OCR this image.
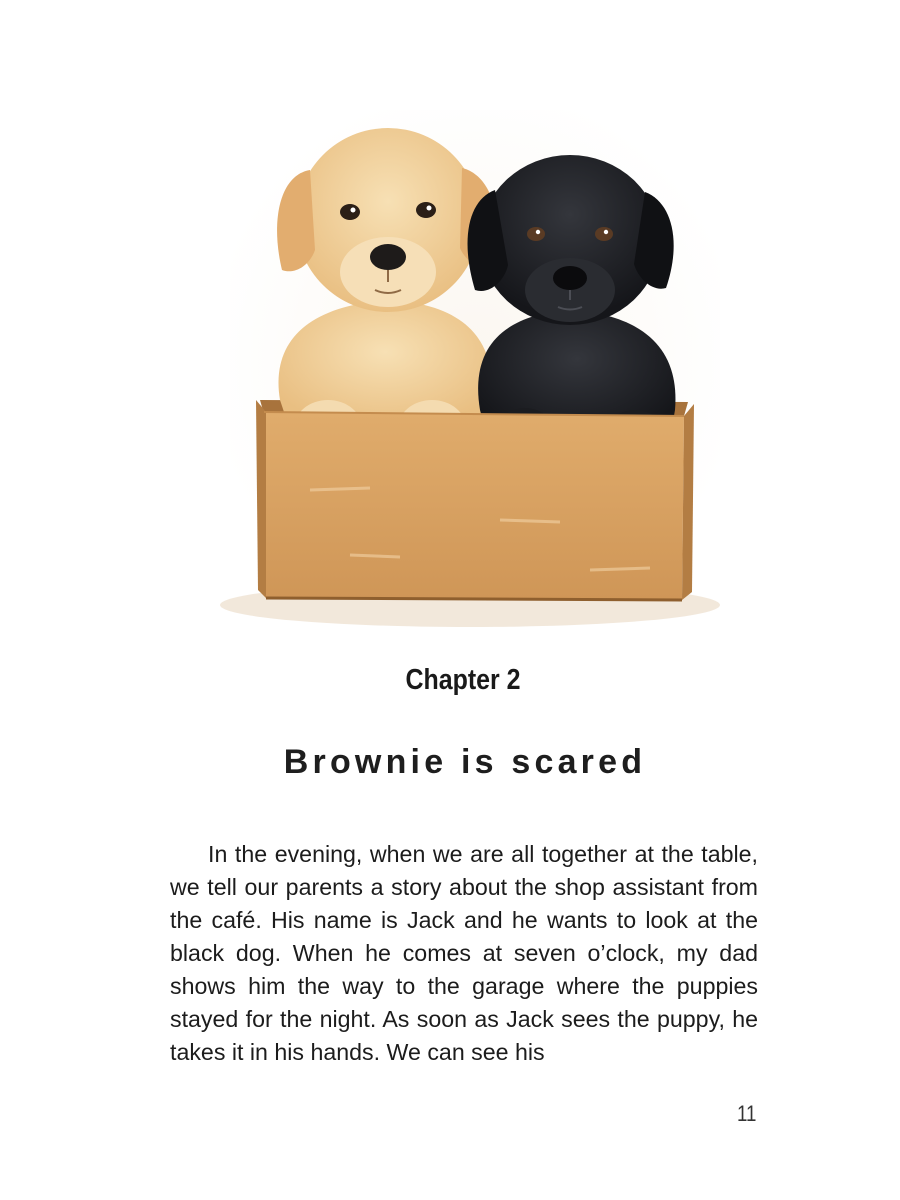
Chapter 2
Brownie is scared

In the evening, when we are all together at the table, we tell our parents a story about the shop assistant from the café. His name is Jack and he wants to look at the black dog. When he comes at seven o’clock, my dad shows him the way to the garage where the puppies stayed for the night. As soon as Jack sees the puppy, he takes it in his hands. We can see his

11
